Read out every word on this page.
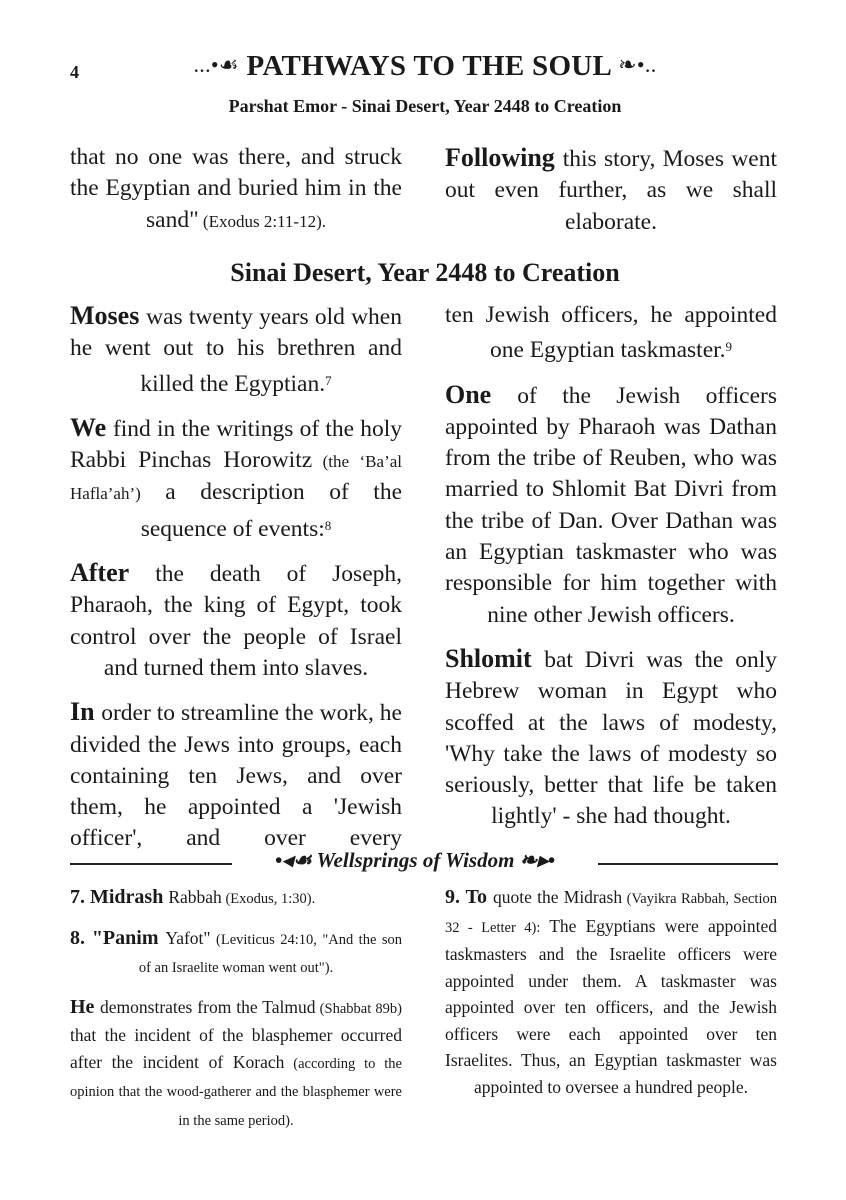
4	...•☙ PATHWAYS TO THE SOUL ❧•..
Parshat Emor - Sinai Desert, Year 2448 to Creation

that no one was there, and struck the Egyptian and buried him in the sand" (Exodus 2:11-12).

Following this story, Moses went out even further, as we shall elaborate.

Sinai Desert, Year 2448 to Creation

Moses was twenty years old when he went out to his brethren and killed the Egyptian.$^7$

We find in the writings of the holy Rabbi Pinchas Horowitz (the ‘Ba’al Hafla’ah’) a description of the sequence of events:$^8$

After the death of Joseph, Pharaoh, the king of Egypt, took control over the people of Israel and turned them into slaves.

In order to streamline the work, he divided the Jews into groups, each containing ten Jews, and over them, he appointed a 'Jewish officer', and over every

ten Jewish officers, he appointed one Egyptian taskmaster.$^9$

One of the Jewish officers appointed by Pharaoh was Dathan from the tribe of Reuben, who was married to Shlomit Bat Divri from the tribe of Dan. Over Dathan was an Egyptian taskmaster who was responsible for him together with nine other Jewish officers.

Shlomit bat Divri was the only Hebrew woman in Egypt who scoffed at the laws of modesty, 'Why take the laws of modesty so seriously, better that life be taken lightly' - she had thought.

•◂☙ Wellsprings of Wisdom ❧▸•

7. Midrash Rabbah (Exodus, 1:30).

8. "Panim Yafot" (Leviticus 24:10, "And the son of an Israelite woman went out").

He demonstrates from the Talmud (Shabbat 89b) that the incident of the blasphemer occurred after the incident of Korach (according to the opinion that the wood-gatherer and the blasphemer were in the same period).

9. To quote the Midrash (Vayikra Rabbah, Section 32 - Letter 4): The Egyptians were appointed taskmasters and the Israelite officers were appointed under them. A taskmaster was appointed over ten officers, and the Jewish officers were each appointed over ten Israelites. Thus, an Egyptian taskmaster was appointed to oversee a hundred people.
